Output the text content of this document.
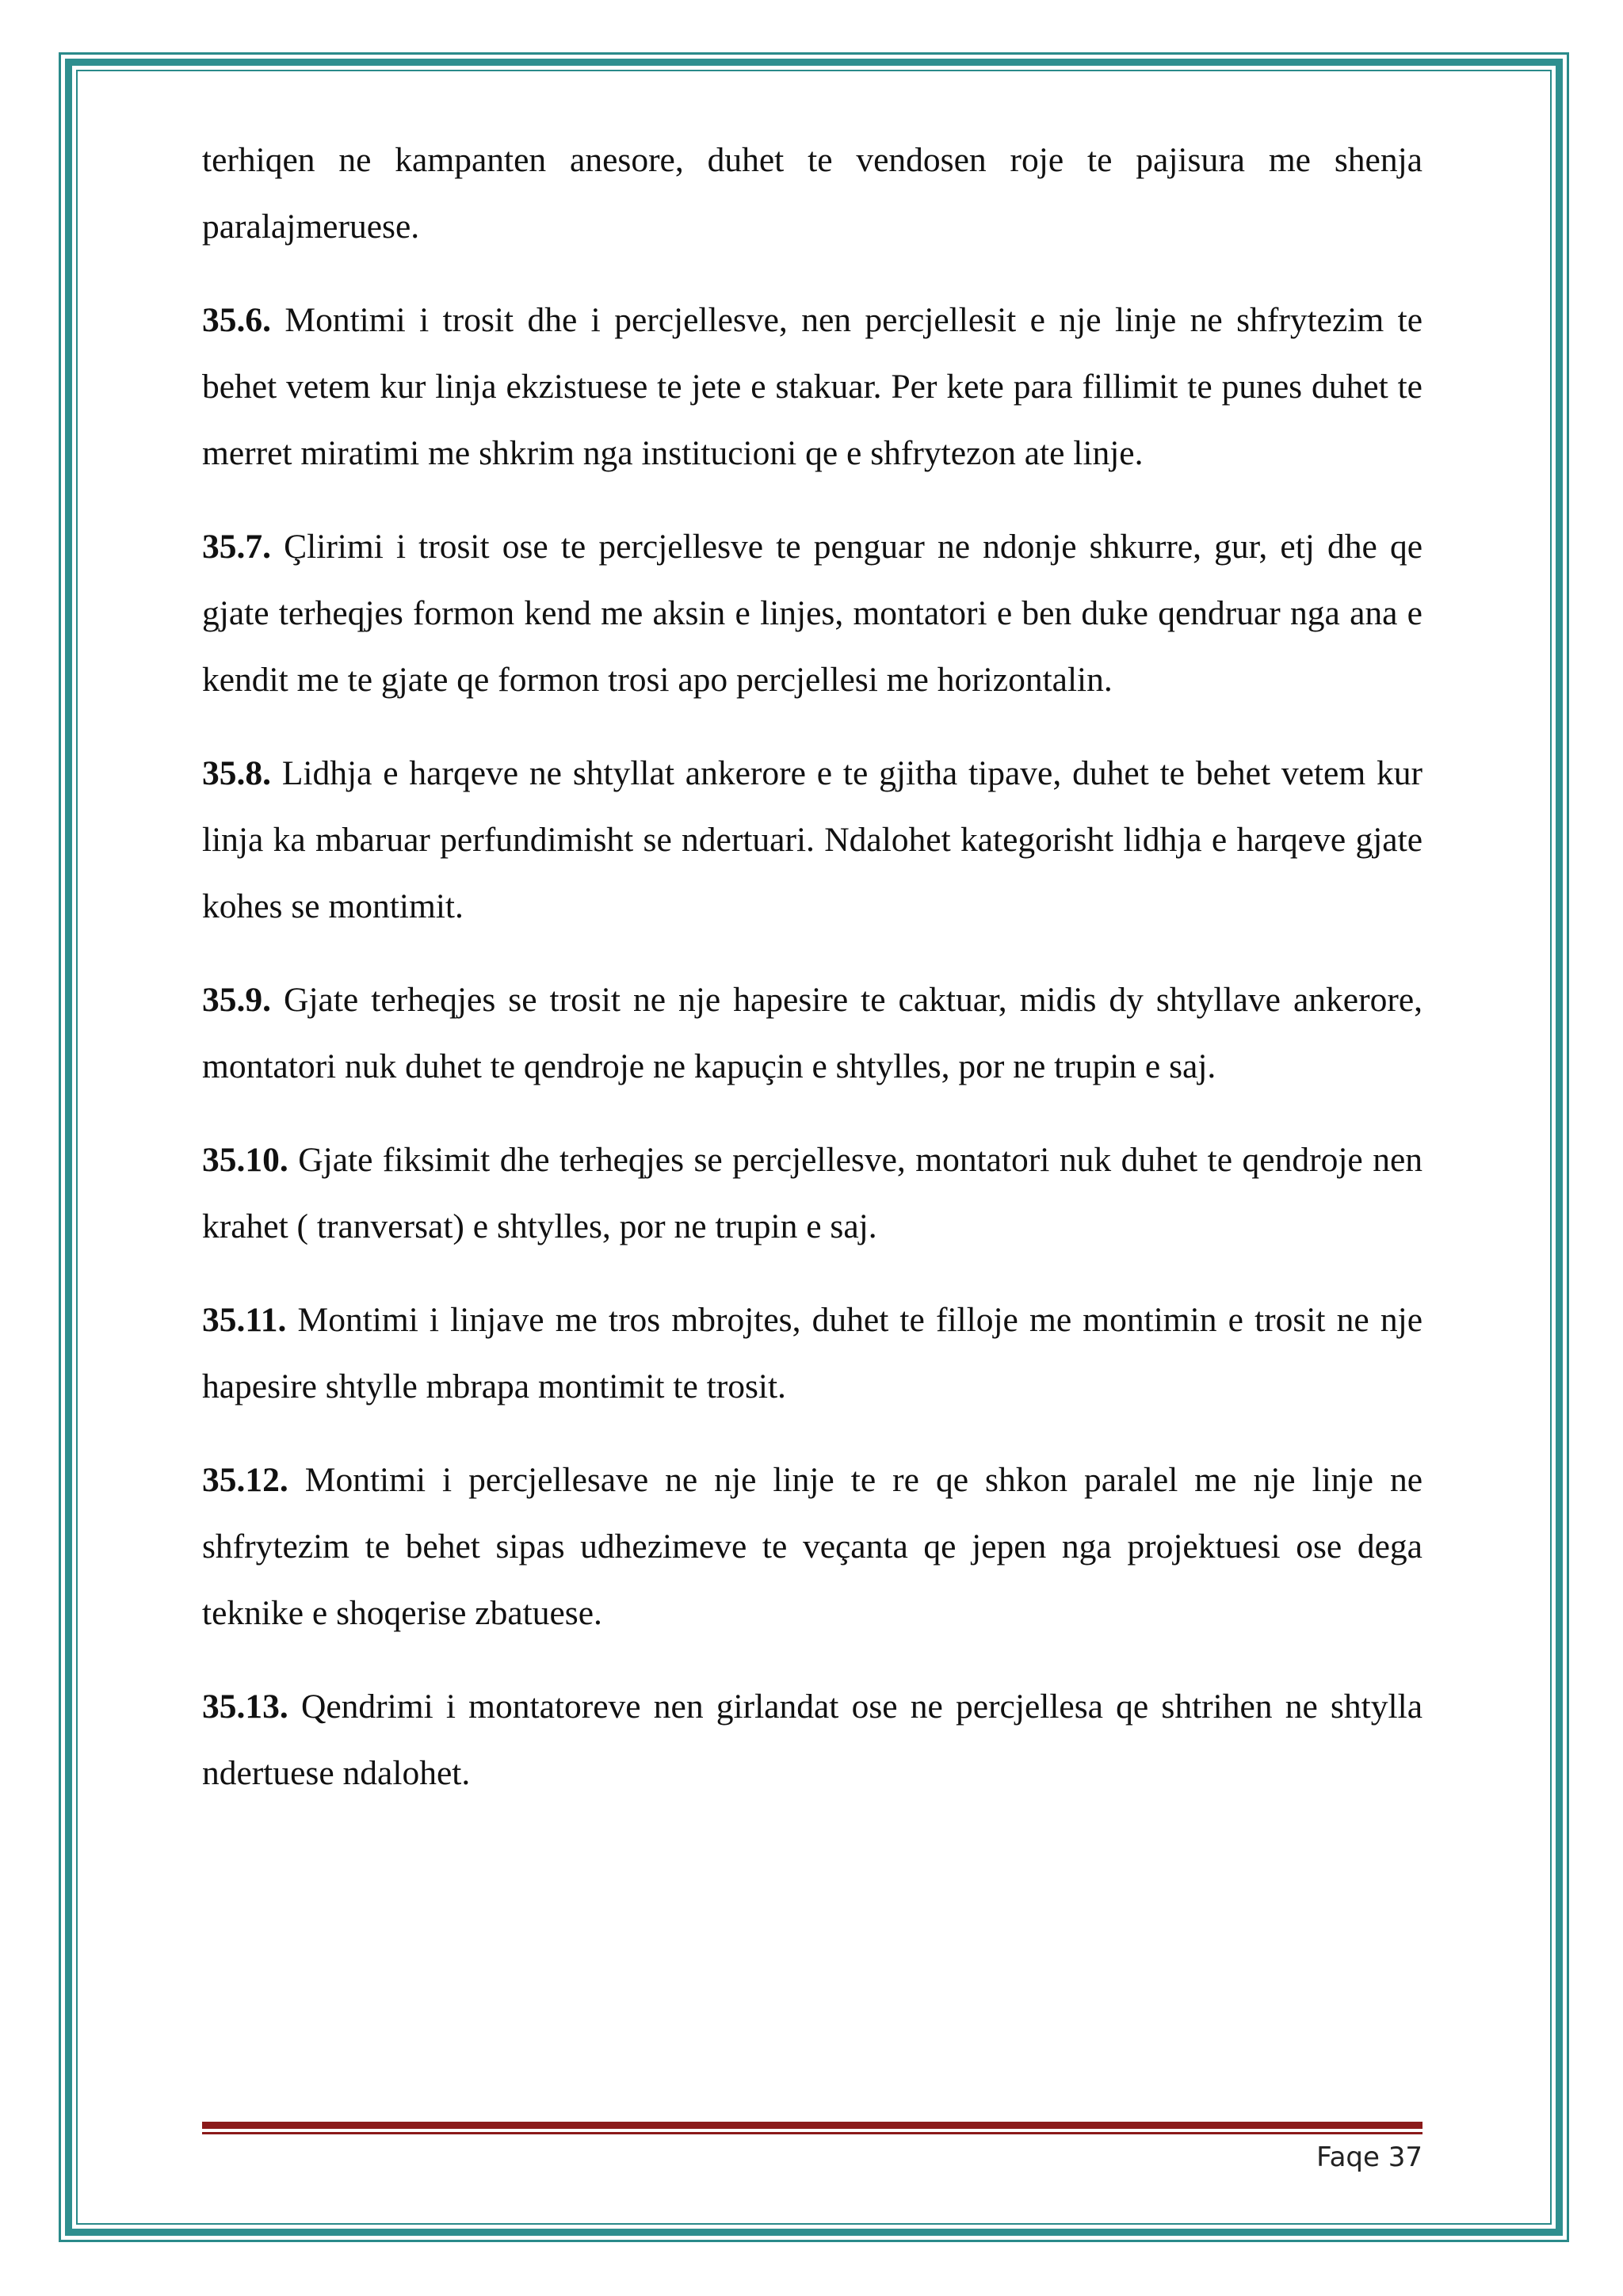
terhiqen ne kampanten anesore, duhet te vendosen roje te pajisura me shenja paralajmeruese.

35.6. Montimi i trosit dhe i percjellesve, nen percjellesit e nje linje ne shfrytezim te behet vetem kur linja ekzistuese te jete e stakuar. Per kete para fillimit te punes duhet te merret miratimi me shkrim nga institucioni qe e shfrytezon ate linje.

35.7. Çlirimi i trosit ose te percjellesve te penguar ne ndonje shkurre, gur, etj dhe qe gjate terheqjes formon kend me aksin e linjes, montatori e ben duke qendruar nga ana e kendit me te gjate qe formon trosi apo percjellesi me horizontalin.

35.8. Lidhja e harqeve ne shtyllat ankerore e te gjitha tipave, duhet te behet vetem kur linja ka mbaruar perfundimisht se ndertuari. Ndalohet kategorisht lidhja e harqeve gjate kohes se montimit.

35.9. Gjate terheqjes se trosit ne nje hapesire te caktuar, midis dy shtyllave ankerore, montatori nuk duhet te qendroje ne kapuçin e shtylles, por ne trupin e saj.

35.10. Gjate fiksimit dhe terheqjes se percjellesve, montatori nuk duhet te qendroje nen krahet ( tranversat) e shtylles, por ne trupin e saj.

35.11. Montimi i linjave me tros mbrojtes, duhet te filloje me montimin e trosit ne nje hapesire shtylle mbrapa montimit te trosit.

35.12. Montimi i percjellesave ne nje linje te re qe shkon paralel me nje linje ne shfrytezim te behet sipas udhezimeve te veçanta qe jepen nga projektuesi ose dega teknike e shoqerise zbatuese.

35.13. Qendrimi i montatoreve nen girlandat ose ne percjellesa qe shtrihen ne shtylla ndertuese ndalohet.

Faqe 37
